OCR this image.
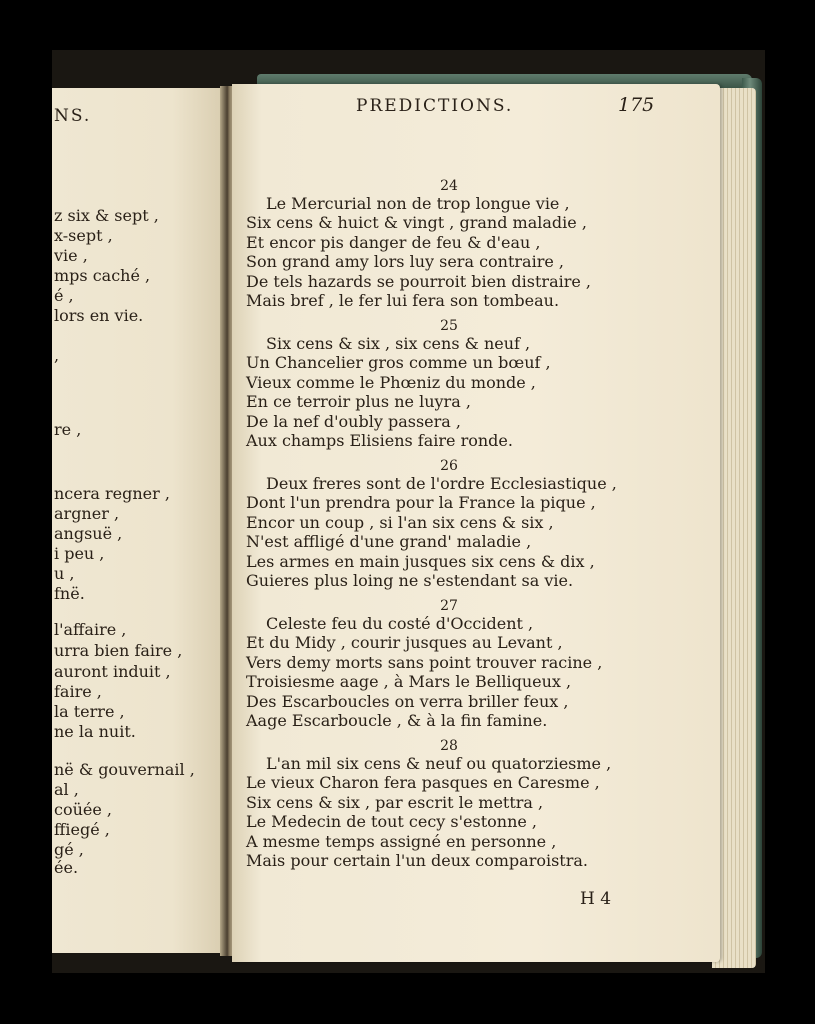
NS.
z six & sept ,
x-sept ,
vie ,
mps caché ,
é ,
lors en vie.
,
re ,
ncera regner ,
argner ,
angsuë ,
i peu ,
u ,
fnë.
l'affaire ,
urra bien faire ,
auront induit ,
faire ,
la terre ,
ne la nuit.
në & gouvernail ,
al ,
coüée ,
ffiegé ,
gé ,
ée.
PREDICTIONS.	175
24
Le Mercurial non de trop longue vie ,
Six cens & huict & vingt , grand maladie ,
Et encor pis danger de feu & d'eau ,
Son grand amy lors luy sera contraire ,
De tels hazards se pourroit bien distraire ,
Mais bref , le fer lui fera son tombeau.
25
Six cens & six , six cens & neuf ,
Un Chancelier gros comme un bœuf ,
Vieux comme le Phœniz du monde ,
En ce terroir plus ne luyra ,
De la nef d'oubly passera ,
Aux champs Elisiens faire ronde.
26
Deux freres sont de l'ordre Ecclesiastique ,
Dont l'un prendra pour la France la pique ,
Encor un coup , si l'an six cens & six ,
N'est affligé d'une grand' maladie ,
Les armes en main jusques six cens & dix ,
Guieres plus loing ne s'estendant sa vie.
27
Celeste feu du costé d'Occident ,
Et du Midy , courir jusques au Levant ,
Vers demy morts sans point trouver racine ,
Troisiesme aage , à Mars le Belliqueux ,
Des Escarboucles on verra briller feux ,
Aage Escarboucle , & à la fin famine.
28
L'an mil six cens & neuf ou quatorziesme ,
Le vieux Charon fera pasques en Caresme ,
Six cens & six , par escrit le mettra ,
Le Medecin de tout cecy s'estonne ,
A mesme temps assigné en personne ,
Mais pour certain l'un deux comparoistra.
H 4
